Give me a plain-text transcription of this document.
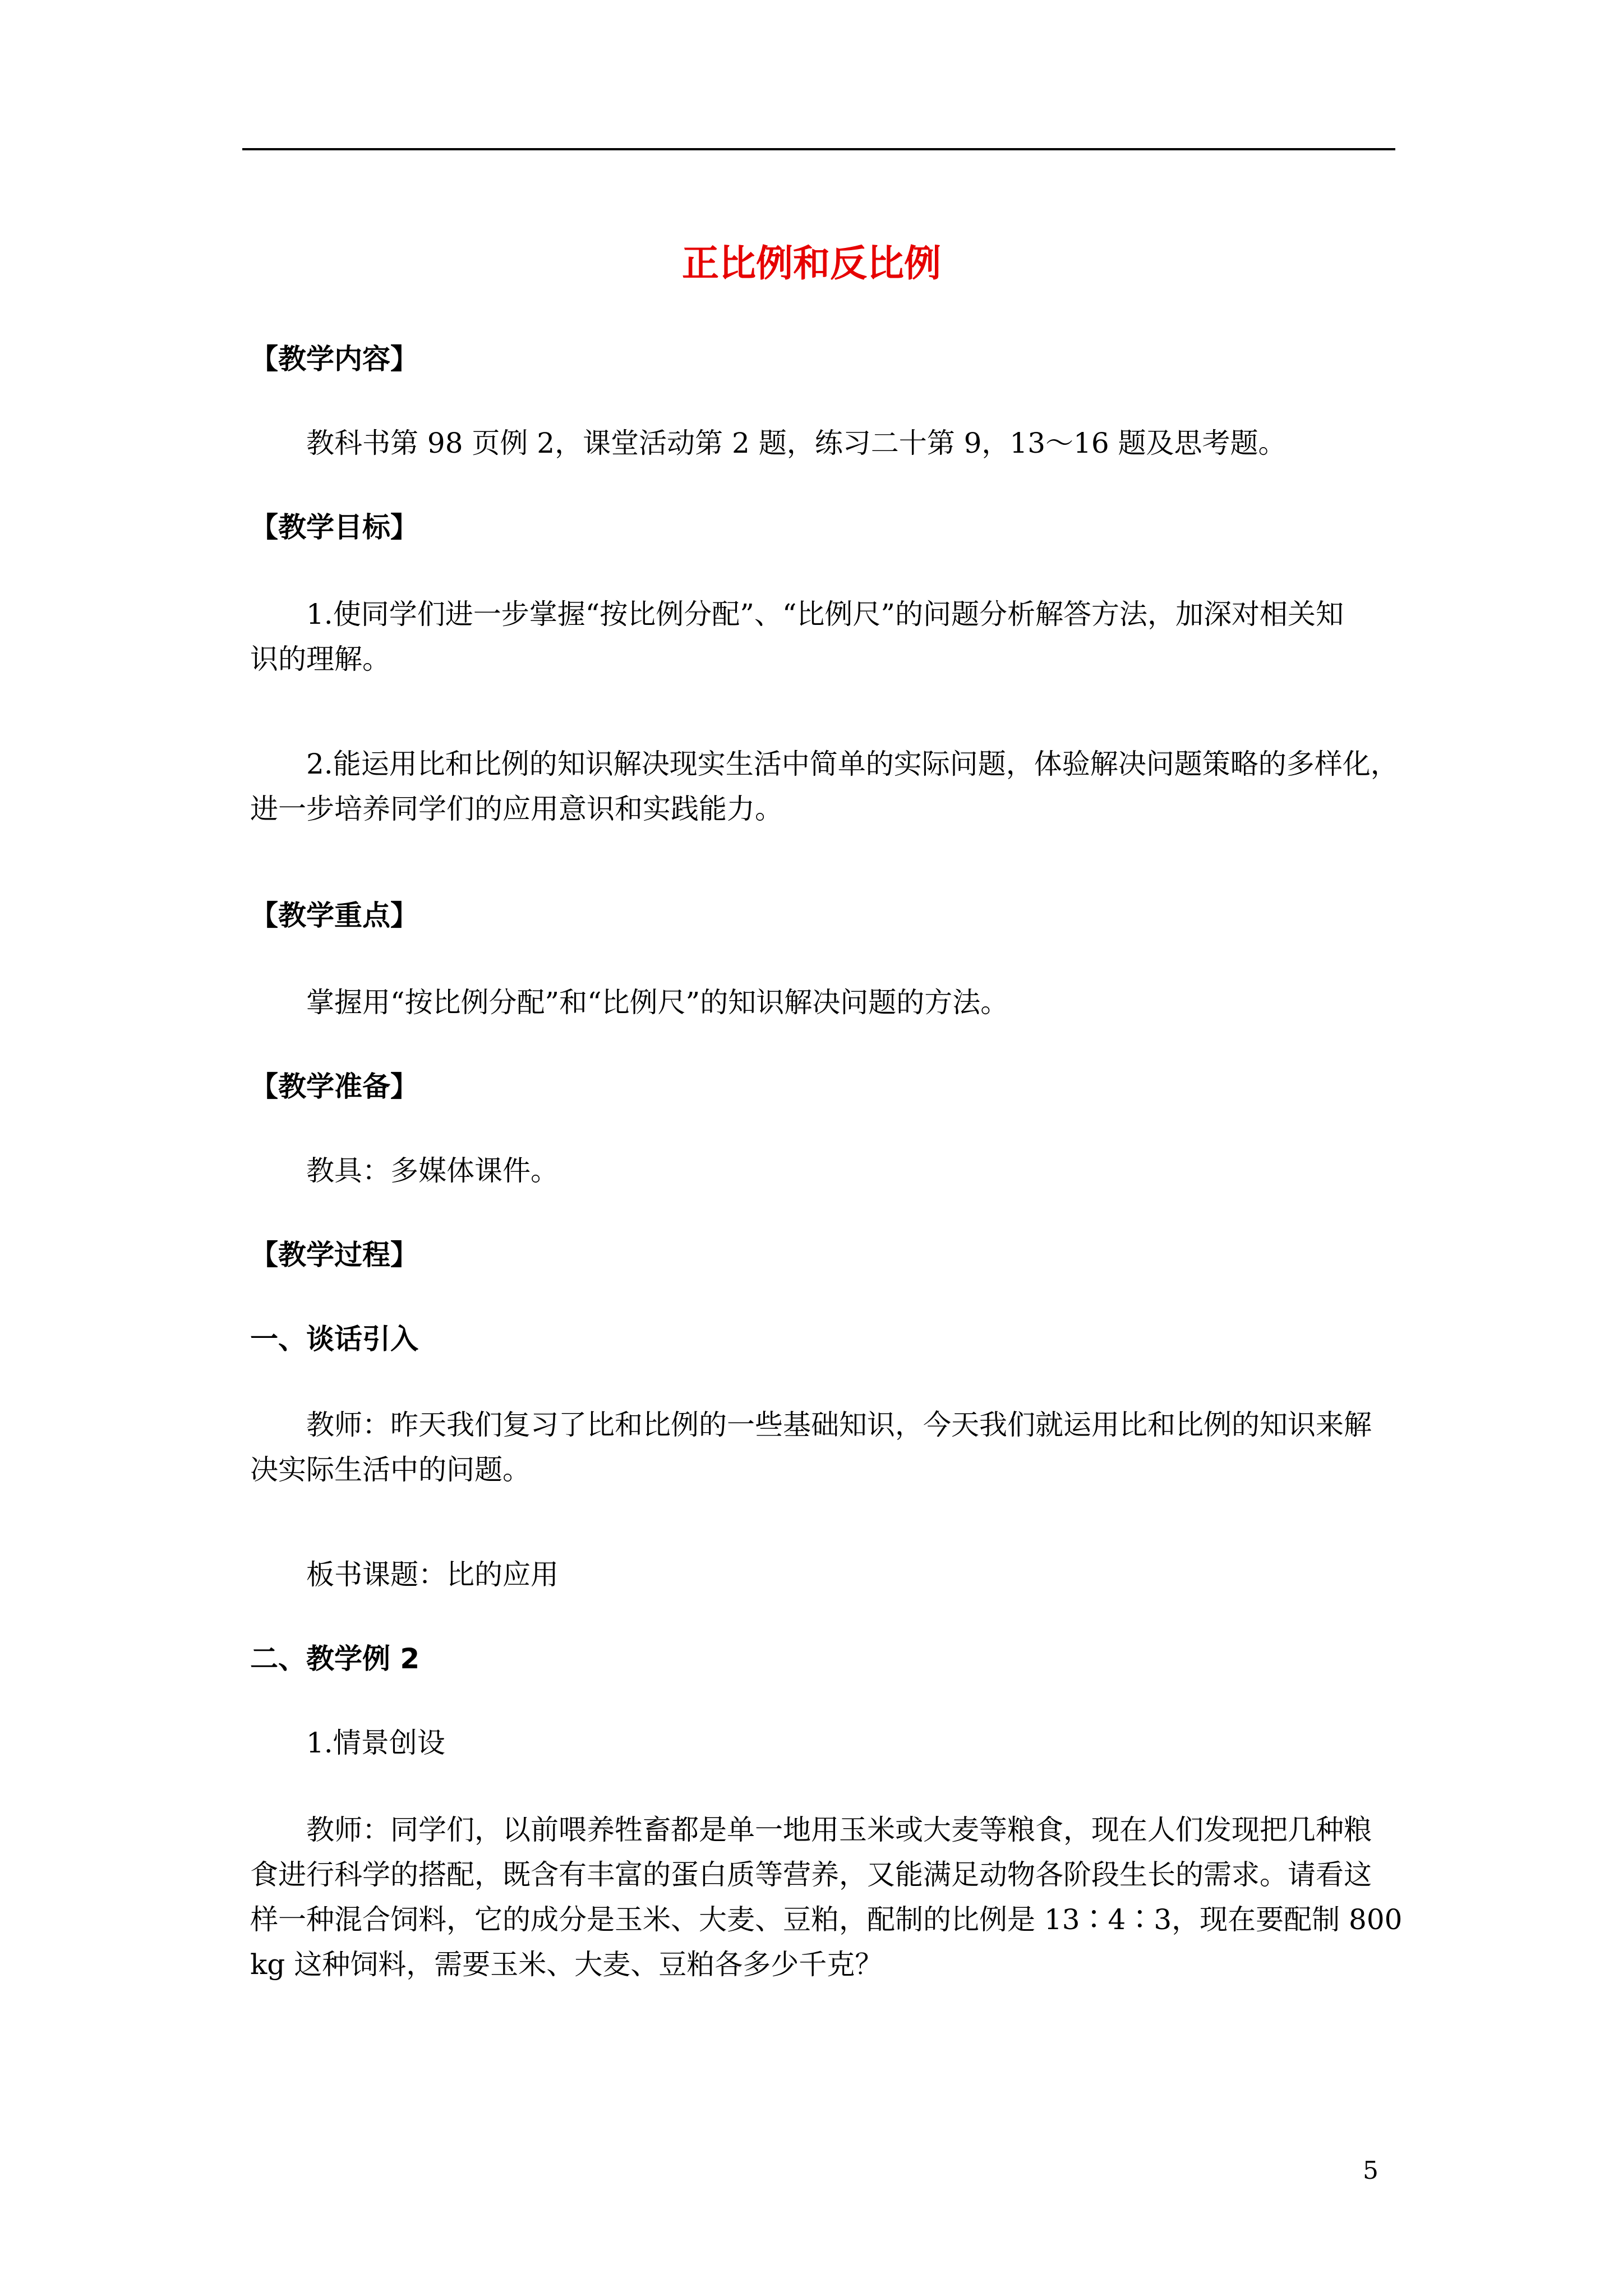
正比例和反比例
【教学内容】
教科书第 98 页例 2，课堂活动第 2 题，练习二十第 9，13～16 题及思考题。
【教学目标】
1.使同学们进一步掌握“按比例分配”、“比例尺”的问题分析解答方法，加深对相关知
识的理解。
2.能运用比和比例的知识解决现实生活中简单的实际问题，体验解决问题策略的多样化，
进一步培养同学们的应用意识和实践能力。
【教学重点】
掌握用“按比例分配”和“比例尺”的知识解决问题的方法。
【教学准备】
教具：多媒体课件。
【教学过程】
一、谈话引入
教师：昨天我们复习了比和比例的一些基础知识，今天我们就运用比和比例的知识来解
决实际生活中的问题。
板书课题：比的应用
二、教学例 2
1.情景创设
教师：同学们，以前喂养牲畜都是单一地用玉米或大麦等粮食，现在人们发现把几种粮
食进行科学的搭配，既含有丰富的蛋白质等营养，又能满足动物各阶段生长的需求。请看这
样一种混合饲料，它的成分是玉米、大麦、豆粕，配制的比例是 13∶4∶3，现在要配制 800
kg 这种饲料，需要玉米、大麦、豆粕各多少千克？
5
